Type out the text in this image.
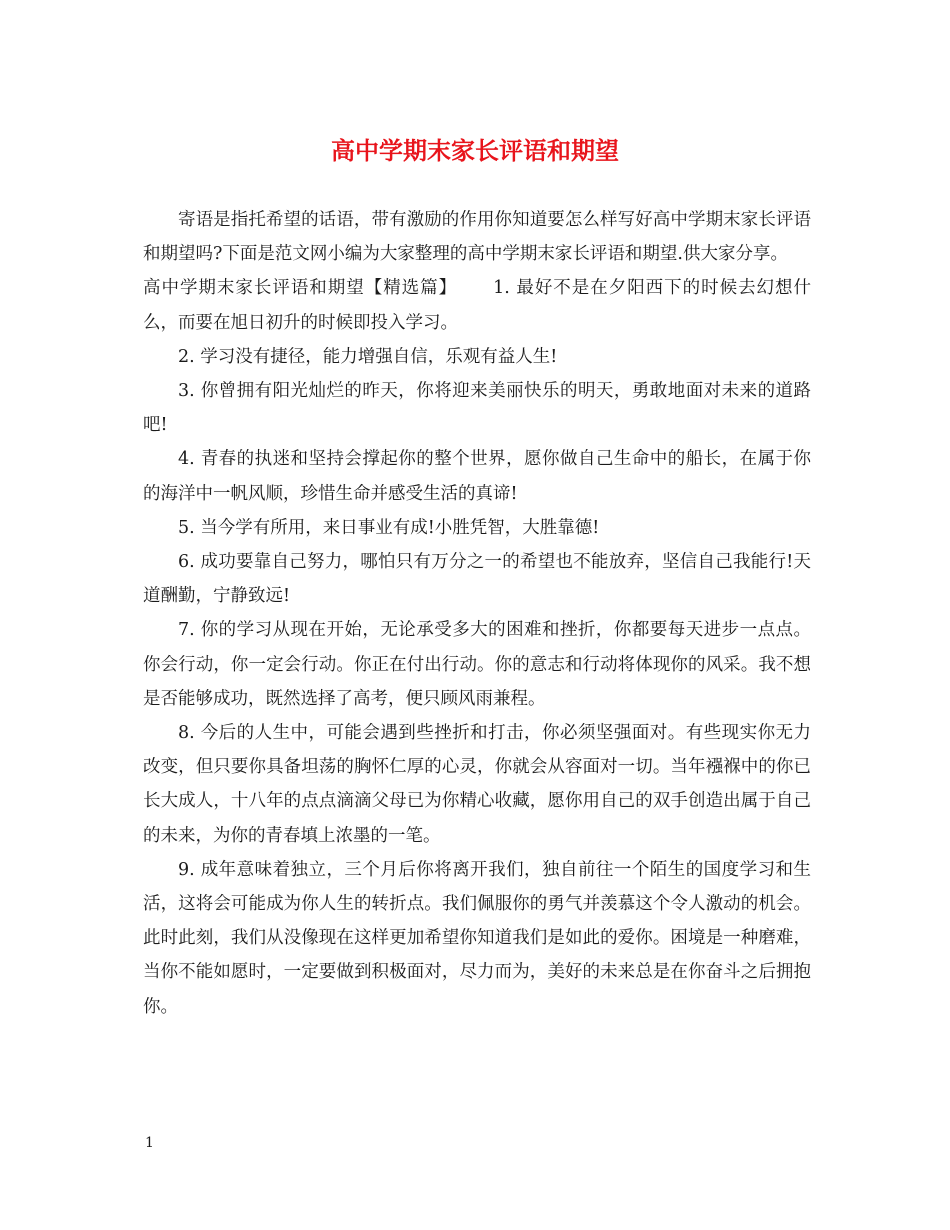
高中学期末家长评语和期望

寄语是指托希望的话语，带有激励的作用你知道要怎么样写好高中学期末家长评语和期望吗?下面是范文网小编为大家整理的高中学期末家长评语和期望.供大家分享。

高中学期末家长评语和期望【精选篇】 1. 最好不是在夕阳西下的时候去幻想什么，而要在旭日初升的时候即投入学习。

2. 学习没有捷径，能力增强自信，乐观有益人生!

3. 你曾拥有阳光灿烂的昨天，你将迎来美丽快乐的明天，勇敢地面对未来的道路吧!

4. 青春的执迷和坚持会撑起你的整个世界，愿你做自己生命中的船长，在属于你的海洋中一帆风顺，珍惜生命并感受生活的真谛!

5. 当今学有所用，来日事业有成!小胜凭智，大胜靠德!

6. 成功要靠自己努力，哪怕只有万分之一的希望也不能放弃，坚信自己我能行!天道酬勤，宁静致远!

7. 你的学习从现在开始，无论承受多大的困难和挫折，你都要每天进步一点点。你会行动，你一定会行动。你正在付出行动。你的意志和行动将体现你的风采。我不想是否能够成功，既然选择了高考，便只顾风雨兼程。

8. 今后的人生中，可能会遇到些挫折和打击，你必须坚强面对。有些现实你无力改变，但只要你具备坦荡的胸怀仁厚的心灵，你就会从容面对一切。当年襁褓中的你已长大成人，十八年的点点滴滴父母已为你精心收藏，愿你用自己的双手创造出属于自己的未来，为你的青春填上浓墨的一笔。

9. 成年意味着独立，三个月后你将离开我们，独自前往一个陌生的国度学习和生活，这将会可能成为你人生的转折点。我们佩服你的勇气并羡慕这个令人激动的机会。此时此刻，我们从没像现在这样更加希望你知道我们是如此的爱你。困境是一种磨难，当你不能如愿时，一定要做到积极面对，尽力而为，美好的未来总是在你奋斗之后拥抱你。

1
